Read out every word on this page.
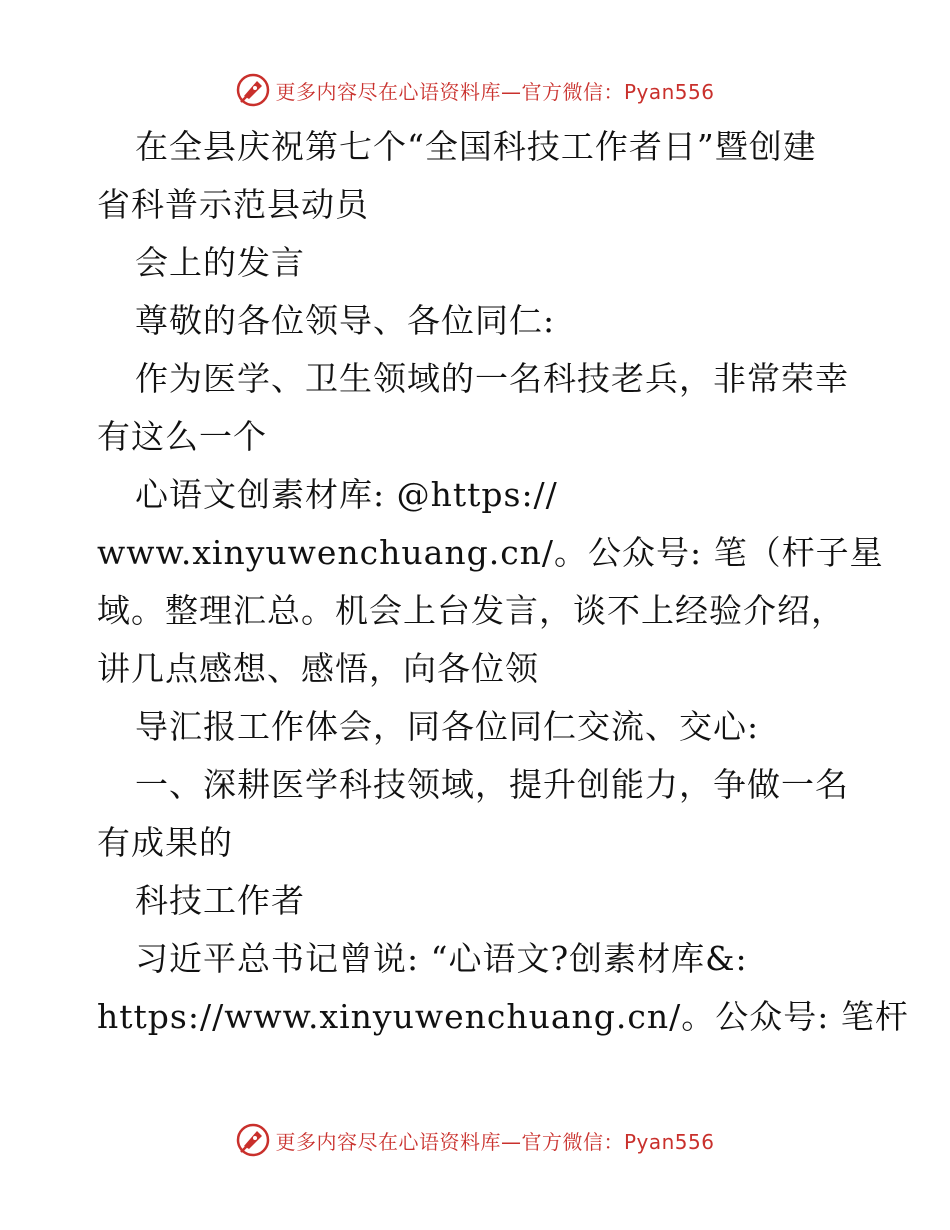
更多内容尽在心语资料库—官方微信：Pyan556
在全县庆祝第七个“全国科技工作者日”暨创建
省科普示范县动员
会上的发言
尊敬的各位领导、各位同仁:
作为医学、卫生领域的一名科技老兵，非常荣幸
有这么一个
心语文创素材库: @https://
www.xinyuwenchuang.cn/。公众号: 笔（杆子星
域。整理汇总。机会上台发言，谈不上经验介绍，
讲几点感想、感悟，向各位领
导汇报工作体会，同各位同仁交流、交心:
一、深耕医学科技领域，提升创能力，争做一名
有成果的
科技工作者
习近平总书记曾说: “心语文?创素材库&:
https://www.xinyuwenchuang.cn/。公众号: 笔杆
更多内容尽在心语资料库—官方微信：Pyan556
